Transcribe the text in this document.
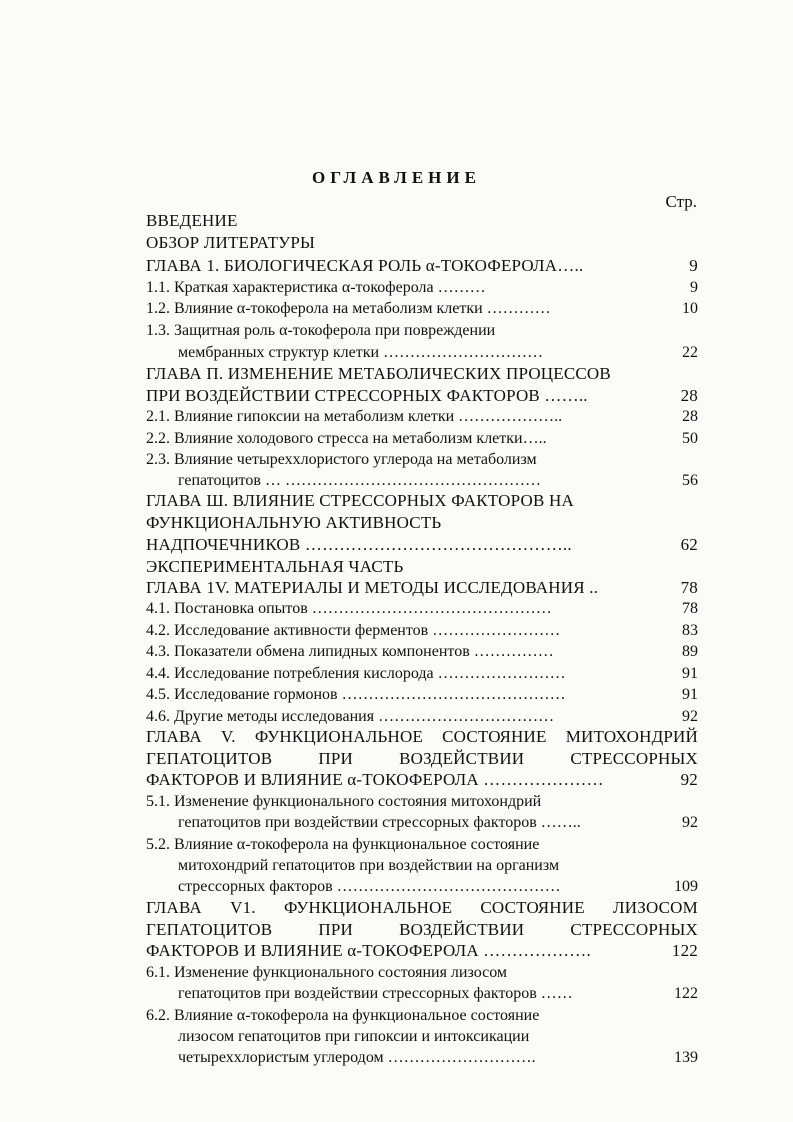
ОГЛАВЛЕНИЕ
Стр.
ВВЕДЕНИЕ
ОБЗОР ЛИТЕРАТУРЫ
ГЛАВА 1. БИОЛОГИЧЕСКАЯ РОЛЬ α-ТОКОФЕРОЛА…..	9
1.1. Краткая характеристика α-токоферола ………	9
1.2. Влияние α-токоферола на метаболизм клетки …………	10
1.3. Защитная роль α-токоферола при повреждении
мембранных структур клетки …………………………	22
ГЛАВА П. ИЗМЕНЕНИЕ МЕТАБОЛИЧЕСКИХ ПРОЦЕССОВ
ПРИ ВОЗДЕЙСТВИИ СТРЕССОРНЫХ ФАКТОРОВ ……..	28
2.1. Влияние гипоксии на метаболизм клетки ………………..	28
2.2. Влияние холодового стресса на метаболизм клетки…..	50
2.3. Влияние четыреххлористого углерода на метаболизм
гепатоцитов … …………………………………………	56
ГЛАВА Ш. ВЛИЯНИЕ СТРЕССОРНЫХ ФАКТОРОВ НА
ФУНКЦИОНАЛЬНУЮ АКТИВНОСТЬ
НАДПОЧЕЧНИКОВ ………………………………………..	62
ЭКСПЕРИМЕНТАЛЬНАЯ ЧАСТЬ
ГЛАВА 1V. МАТЕРИАЛЫ И МЕТОДЫ ИССЛЕДОВАНИЯ ..	78
4.1. Постановка опытов ………………………………………	78
4.2. Исследование активности ферментов ……………………	83
4.3. Показатели обмена липидных компонентов ……………	89
4.4. Исследование потребления кислорода ……………………	91
4.5. Исследование гормонов ……………………………………	91
4.6. Другие методы исследования ……………………………	92
ГЛАВА V. ФУНКЦИОНАЛЬНОЕ СОСТОЯНИЕ МИТОХОНДРИЙ
ГЕПАТОЦИТОВ	ПРИ	ВОЗДЕЙСТВИИ	СТРЕССОРНЫХ
ФАКТОРОВ И ВЛИЯНИЕ α-ТОКОФЕРОЛА …………………	92
5.1. Изменение функционального состояния митохондрий
гепатоцитов при воздействии стрессорных факторов ……..	92
5.2. Влияние α-токоферола на функциональное состояние
митохондрий гепатоцитов при воздействии на организм
стрессорных факторов ……………………………………	109
ГЛАВА V1. ФУНКЦИОНАЛЬНОЕ СОСТОЯНИЕ ЛИЗОСОМ
ГЕПАТОЦИТОВ	ПРИ	ВОЗДЕЙСТВИИ	СТРЕССОРНЫХ
ФАКТОРОВ И ВЛИЯНИЕ α-ТОКОФЕРОЛА ……………….	122
6.1. Изменение функционального состояния лизосом
гепатоцитов при воздействии стрессорных факторов ……	122
6.2. Влияние α-токоферола на функциональное состояние
лизосом гепатоцитов при гипоксии и интоксикации
четыреххлористым углеродом ……………………….	139
